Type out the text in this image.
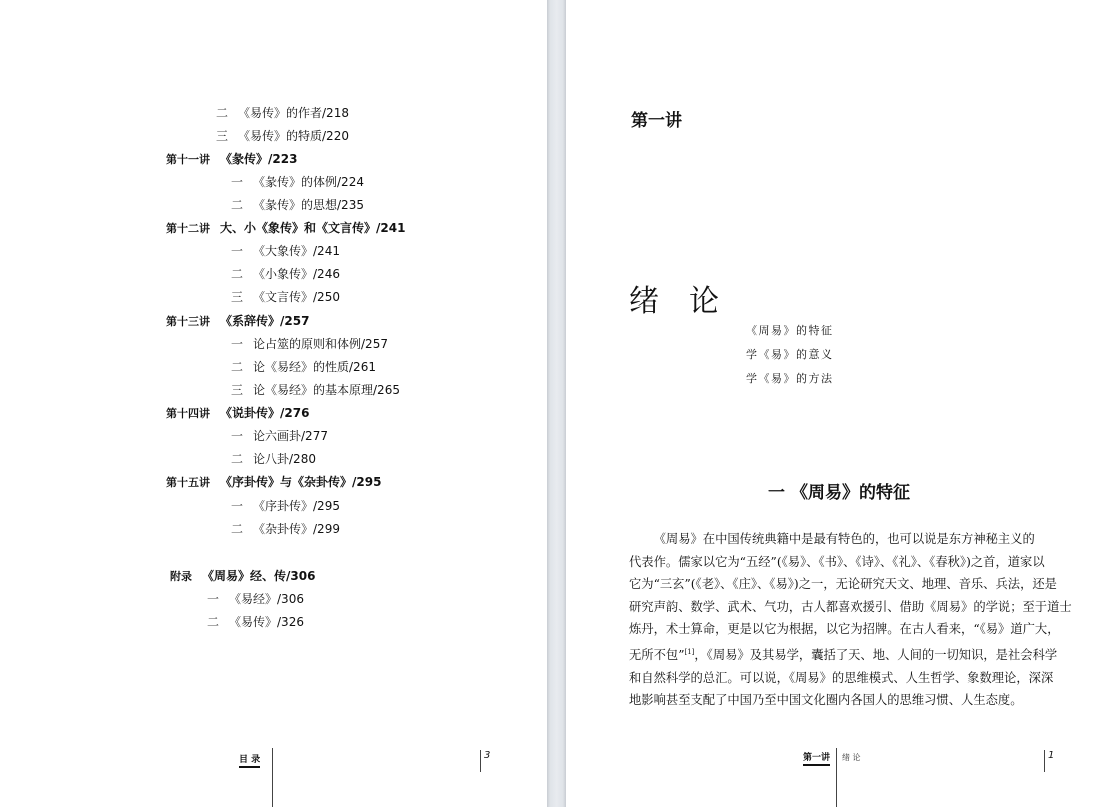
二 《易传》的作者/218
三 《易传》的特质/220
第十一讲 《彖传》/223
一 《彖传》的体例/224
二 《彖传》的思想/235
第十二讲 大、小《象传》和《文言传》/241
一 《大象传》/241
二 《小象传》/246
三 《文言传》/250
第十三讲 《系辞传》/257
一 论占筮的原则和体例/257
二 论《易经》的性质/261
三 论《易经》的基本原理/265
第十四讲 《说卦传》/276
一 论六画卦/277
二 论八卦/280
第十五讲 《序卦传》与《杂卦传》/295
一 《序卦传》/295
二 《杂卦传》/299
附录 《周易》经、传/306
一 《易经》/306
二 《易传》/326
目 录	3
一 《周易》的特征
第一讲
绪论
《周易》的特征
学《易》的意义
学《易》的方法
《周易》在中国传统典籍中是最有特色的，也可以说是东方神秘主义的
代表作。儒家以它为“五经”(《易》、《书》、《诗》、《礼》、《春秋》)之首，道家以
它为“三玄”(《老》、《庄》、《易》)之一，无论研究天文、地理、音乐、兵法，还是
研究声韵、数学、武术、气功，古人都喜欢援引、借助《周易》的学说；至于道士
炼丹，术士算命，更是以它为根据，以它为招牌。在古人看来，“《易》道广大，
无所不包”[1]，《周易》及其易学，囊括了天、地、人间的一切知识，是社会科学
和自然科学的总汇。可以说，《周易》的思维模式、人生哲学、象数理论，深深
地影响甚至支配了中国乃至中国文化圈内各国人的思维习惯、人生态度。
第一讲 绪 论	1
